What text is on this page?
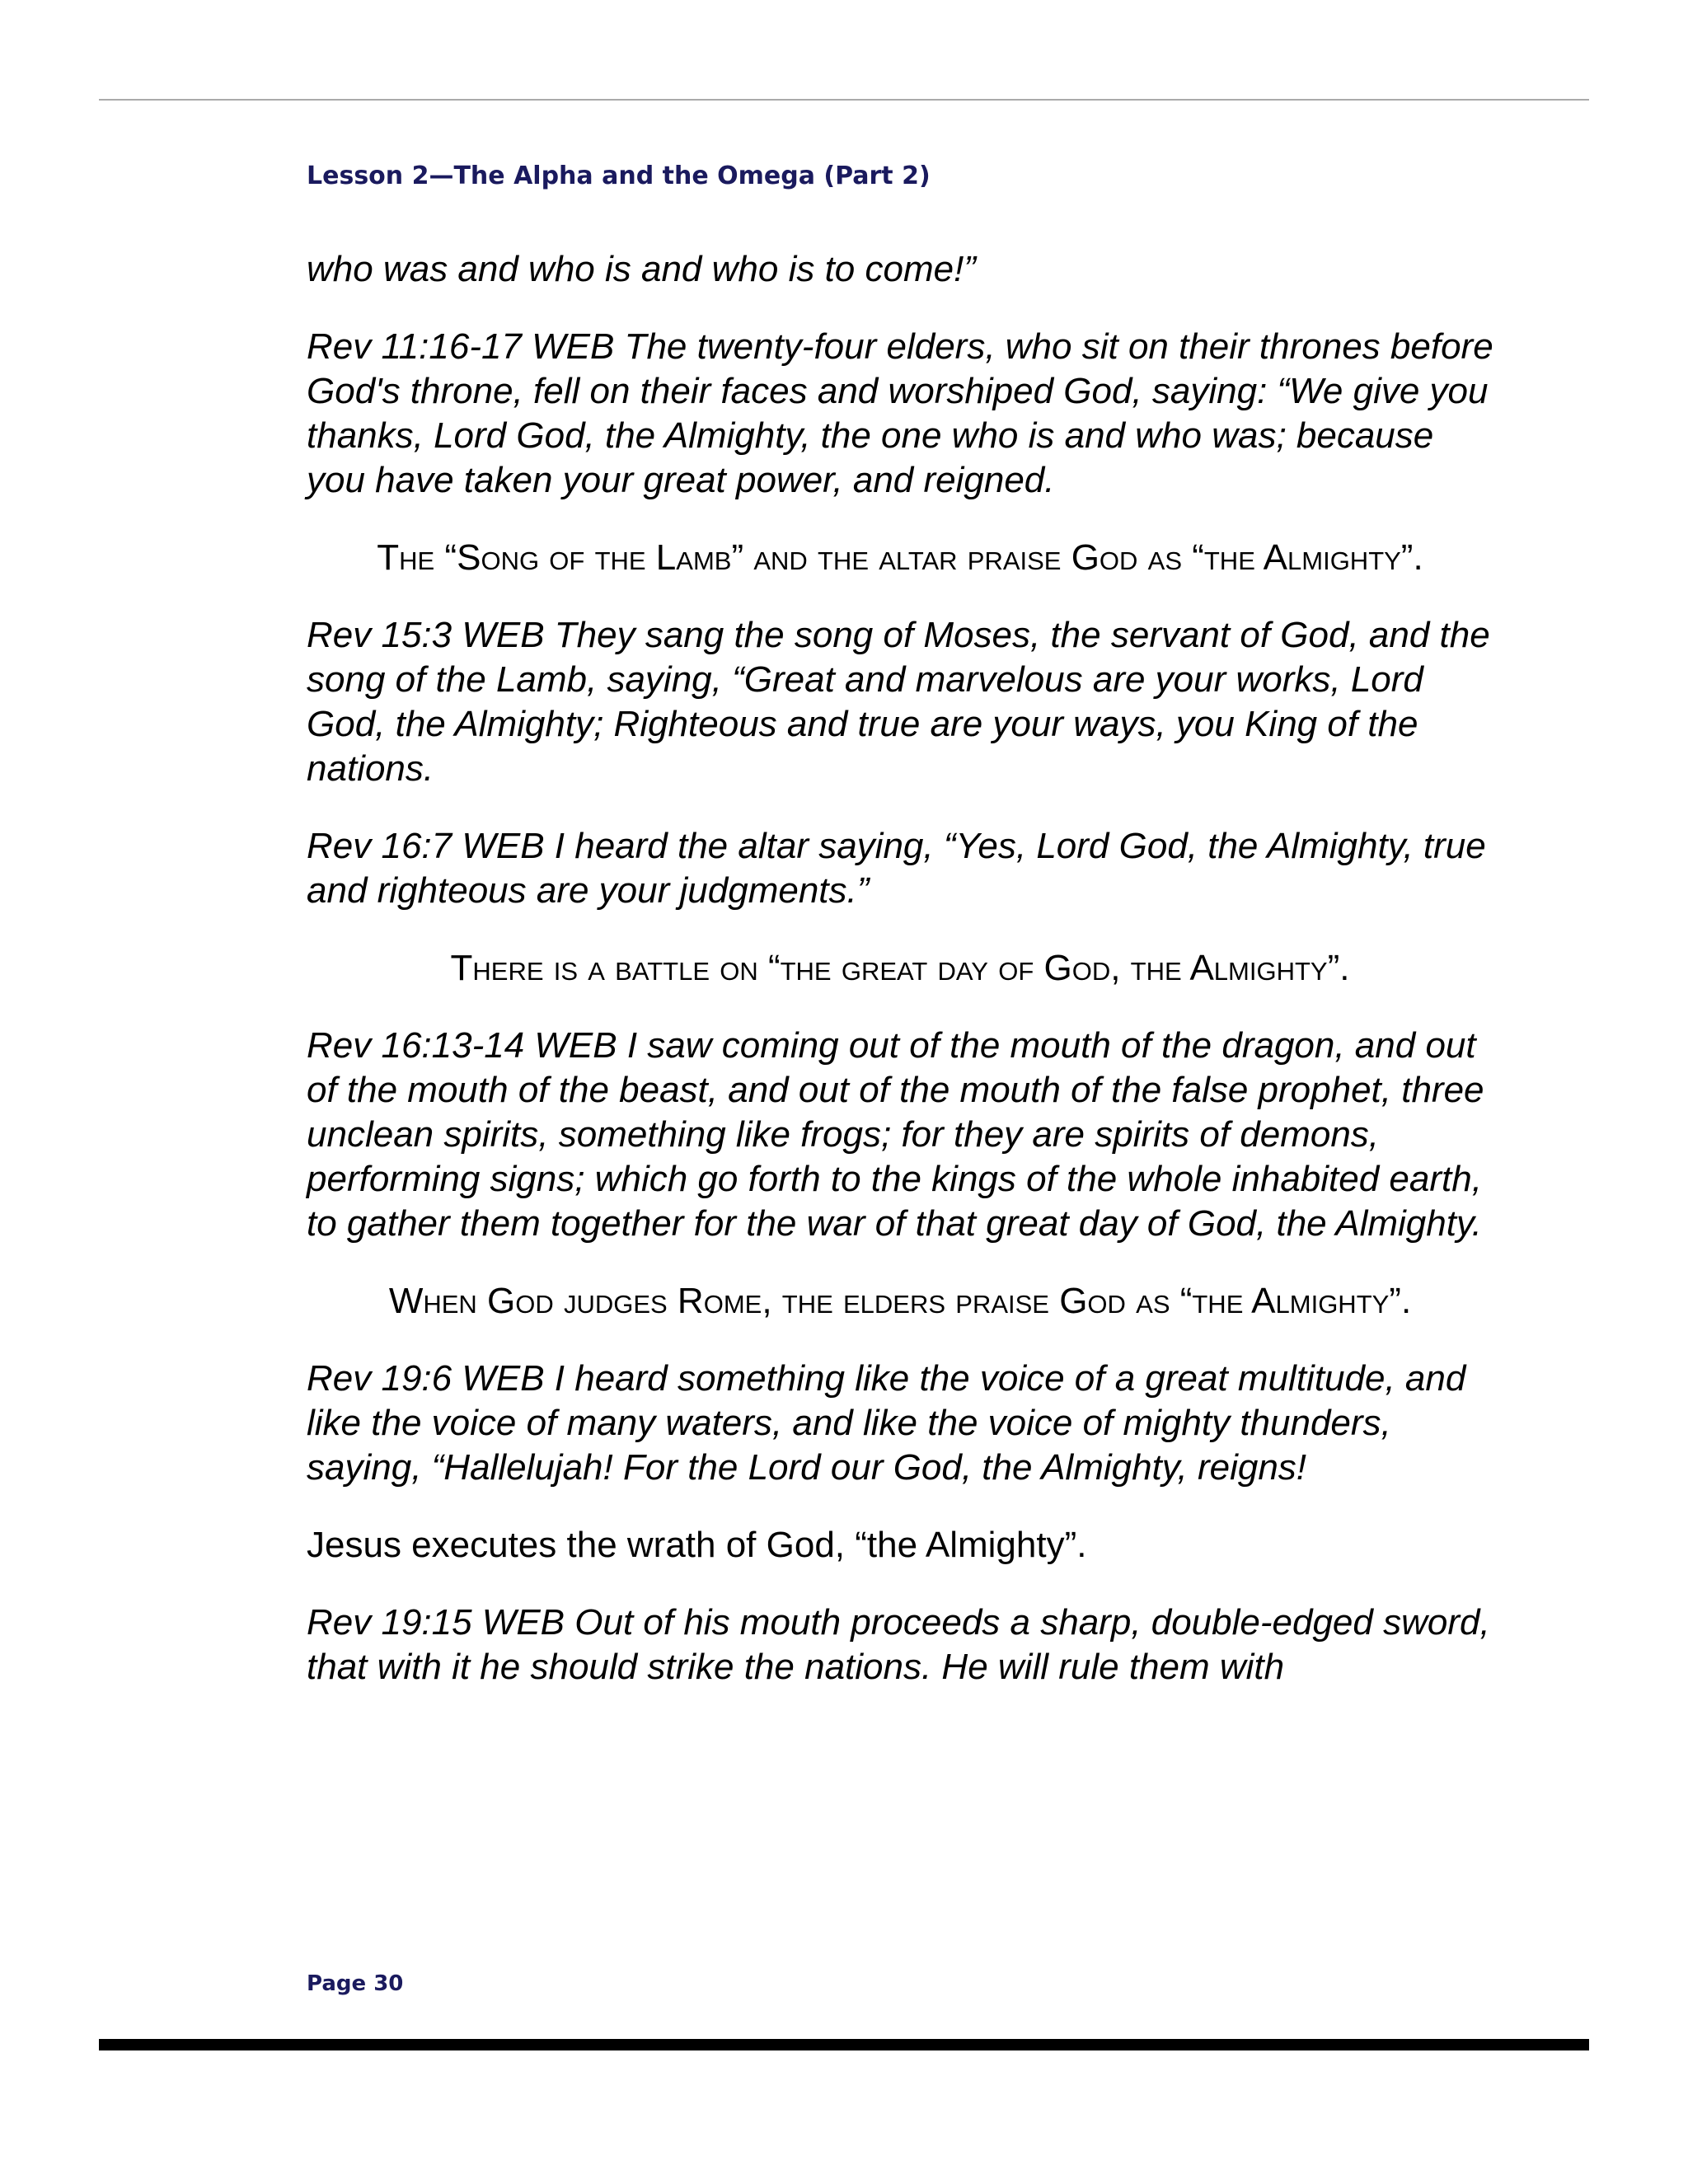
Lesson 2—The Alpha and the Omega (Part 2)

who was and who is and who is to come!”

Rev 11:16-17 WEB The twenty-four elders, who sit on their thrones before God's throne, fell on their faces and worshiped God, saying: “We give you thanks, Lord God, the Almighty, the one who is and who was; because you have taken your great power, and reigned.

The “Song of the Lamb” and the altar praise God as “the Almighty”.

Rev 15:3 WEB They sang the song of Moses, the servant of God, and the song of the Lamb, saying, “Great and marvelous are your works, Lord God, the Almighty; Righteous and true are your ways, you King of the nations.

Rev 16:7 WEB I heard the altar saying, “Yes, Lord God, the Almighty, true and righteous are your judgments.”

There is a battle on “the great day of God, the Almighty”.

Rev 16:13-14 WEB I saw coming out of the mouth of the dragon, and out of the mouth of the beast, and out of the mouth of the false prophet, three unclean spirits, something like frogs; for they are spirits of demons, performing signs; which go forth to the kings of the whole inhabited earth, to gather them together for the war of that great day of God, the Almighty.

When God judges Rome, the elders praise God as “the Almighty”.

Rev 19:6 WEB I heard something like the voice of a great multitude, and like the voice of many waters, and like the voice of mighty thunders, saying, “Hallelujah! For the Lord our God, the Almighty, reigns!

Jesus executes the wrath of God, “the Almighty”.

Rev 19:15 WEB Out of his mouth proceeds a sharp, double-edged sword, that with it he should strike the nations. He will rule them with

Page 30
